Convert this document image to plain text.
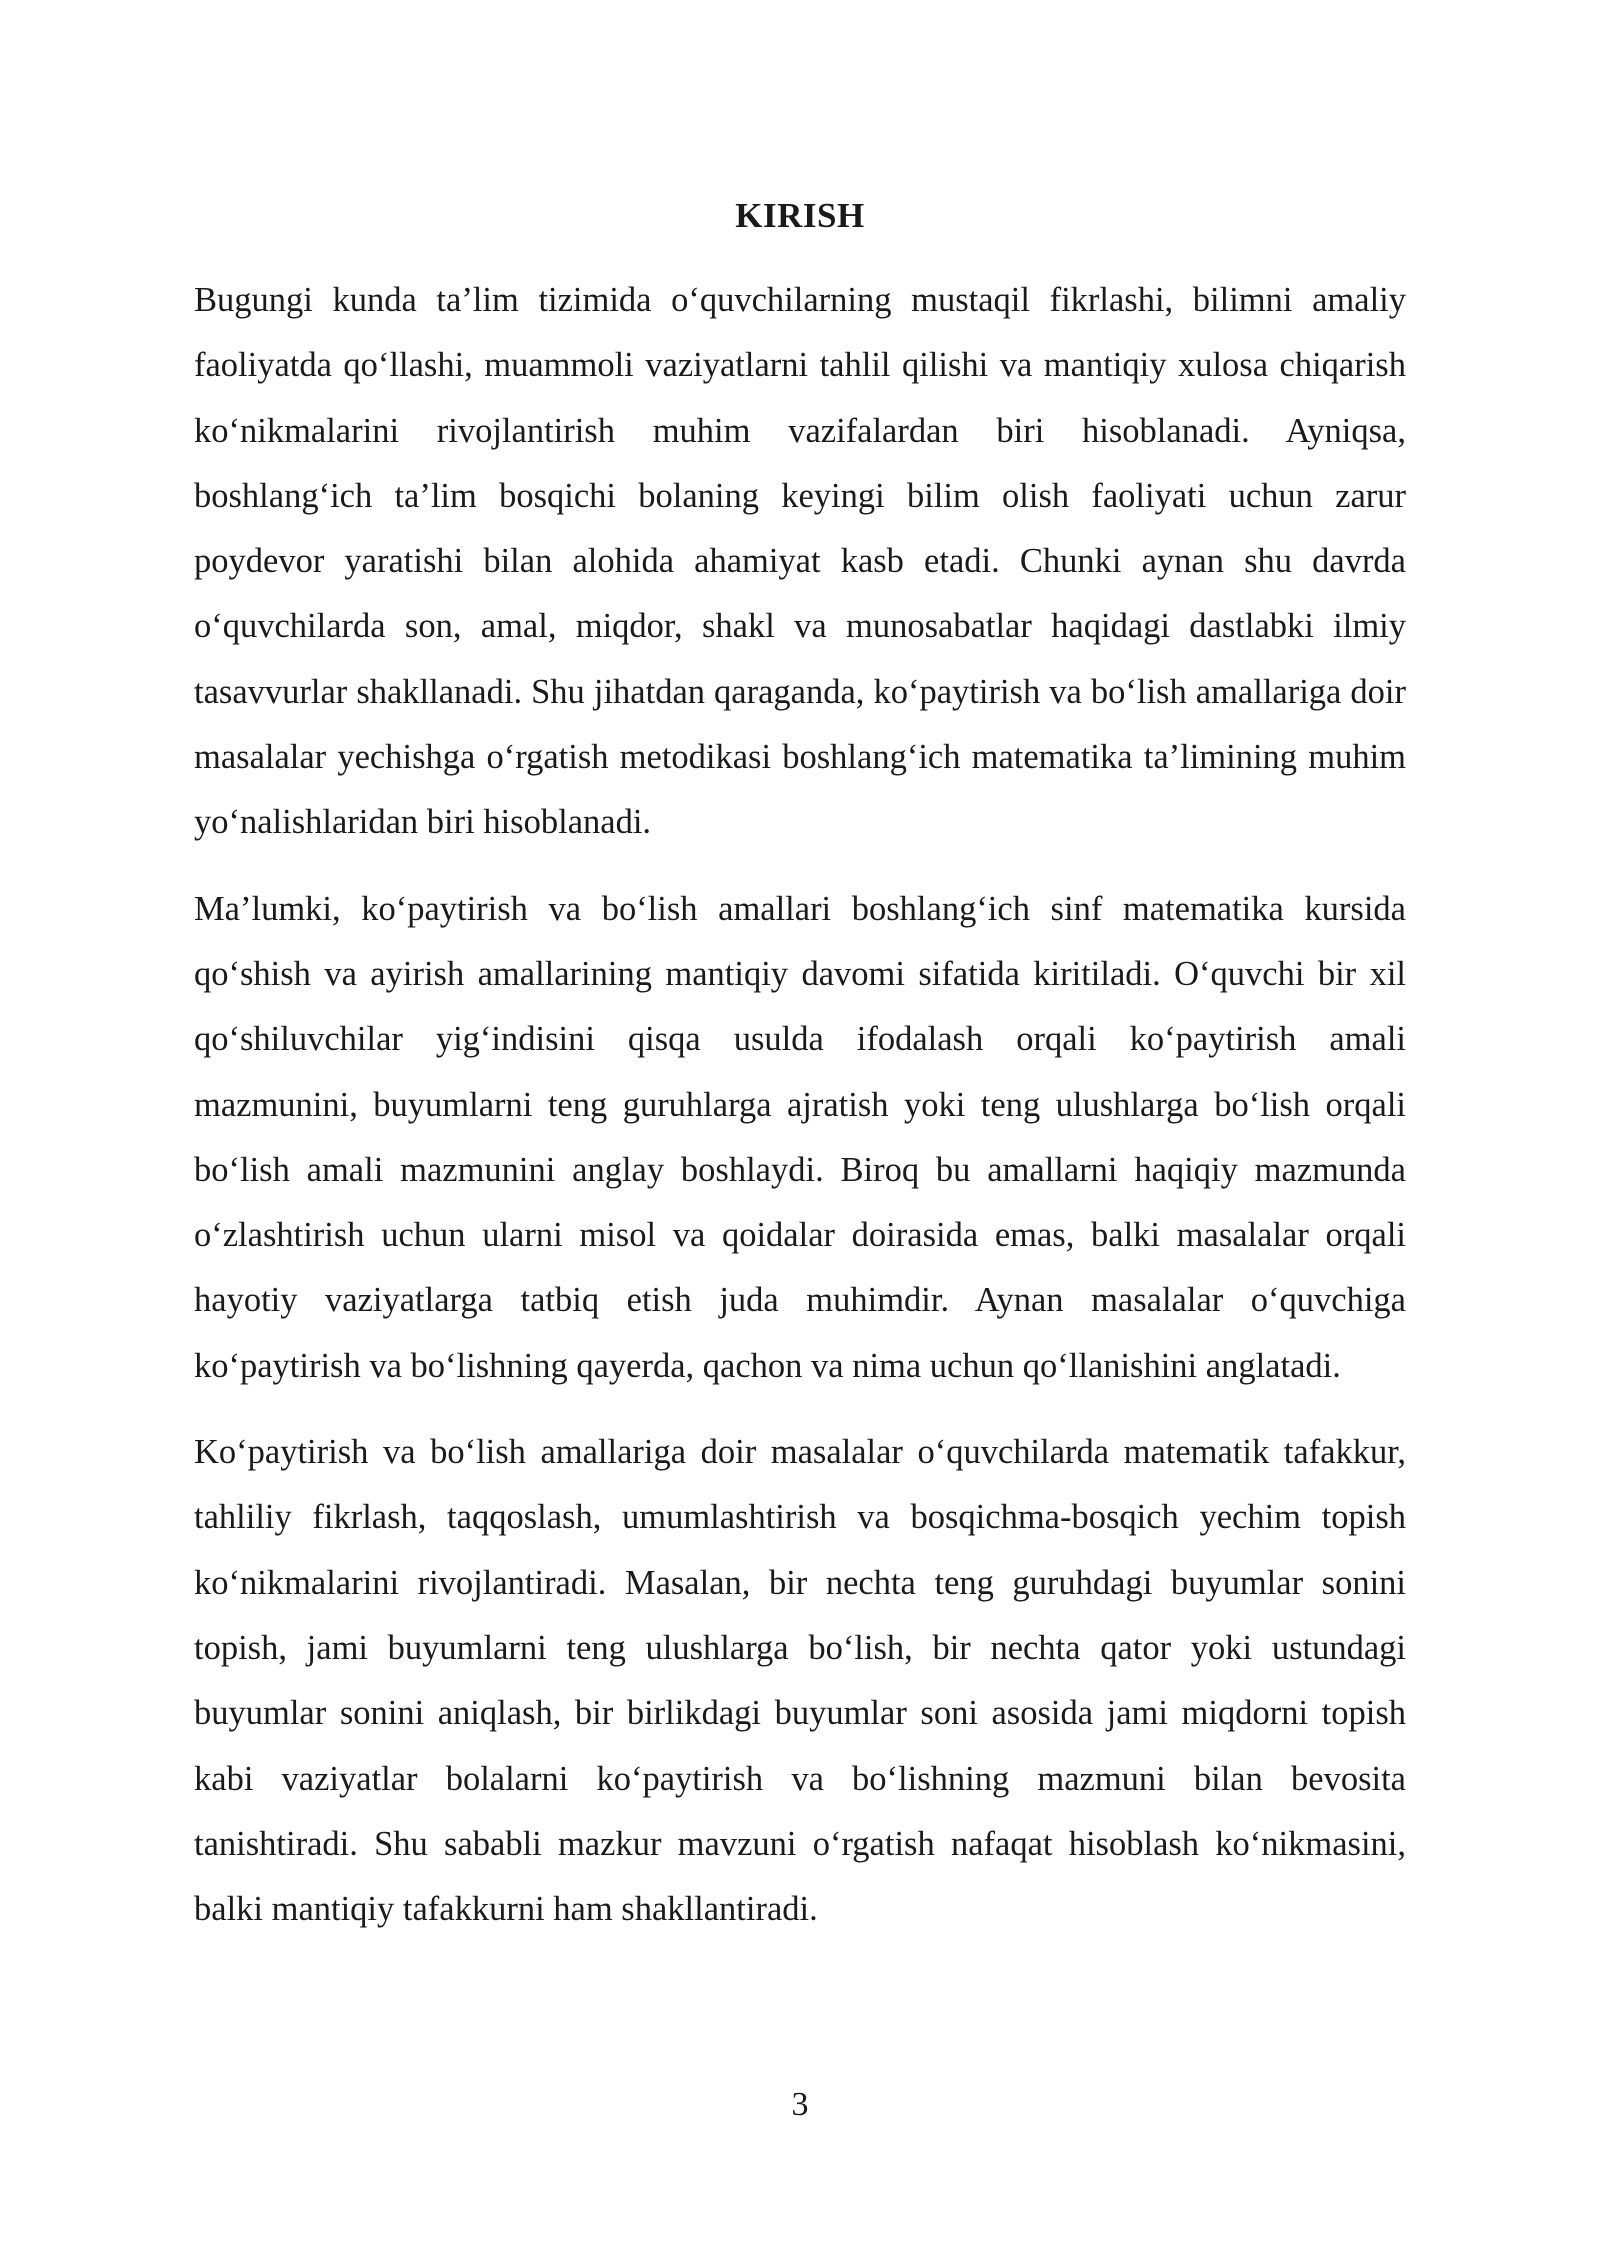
KIRISH

Bugungi kunda ta’lim tizimida o‘quvchilarning mustaqil fikrlashi, bilimni amaliy faoliyatda qo‘llashi, muammoli vaziyatlarni tahlil qilishi va mantiqiy xulosa chiqarish ko‘nikmalarini rivojlantirish muhim vazifalardan biri hisoblanadi. Ayniqsa, boshlang‘ich ta’lim bosqichi bolaning keyingi bilim olish faoliyati uchun zarur poydevor yaratishi bilan alohida ahamiyat kasb etadi. Chunki aynan shu davrda o‘quvchilarda son, amal, miqdor, shakl va munosabatlar haqidagi dastlabki ilmiy tasavvurlar shakllanadi. Shu jihatdan qaraganda, ko‘paytirish va bo‘lish amallariga doir masalalar yechishga o‘rgatish metodikasi boshlang‘ich matematika ta’limining muhim yo‘nalishlaridan biri hisoblanadi.

Ma’lumki, ko‘paytirish va bo‘lish amallari boshlang‘ich sinf matematika kursida qo‘shish va ayirish amallarining mantiqiy davomi sifatida kiritiladi. O‘quvchi bir xil qo‘shiluvchilar yig‘indisini qisqa usulda ifodalash orqali ko‘paytirish amali mazmunini, buyumlarni teng guruhlarga ajratish yoki teng ulushlarga bo‘lish orqali bo‘lish amali mazmunini anglay boshlaydi. Biroq bu amallarni haqiqiy mazmunda o‘zlashtirish uchun ularni misol va qoidalar doirasida emas, balki masalalar orqali hayotiy vaziyatlarga tatbiq etish juda muhimdir. Aynan masalalar o‘quvchiga ko‘paytirish va bo‘lishning qayerda, qachon va nima uchun qo‘llanishini anglatadi.

Ko‘paytirish va bo‘lish amallariga doir masalalar o‘quvchilarda matematik tafakkur, tahliliy fikrlash, taqqoslash, umumlashtirish va bosqichma-bosqich yechim topish ko‘nikmalarini rivojlantiradi. Masalan, bir nechta teng guruhdagi buyumlar sonini topish, jami buyumlarni teng ulushlarga bo‘lish, bir nechta qator yoki ustundagi buyumlar sonini aniqlash, bir birlikdagi buyumlar soni asosida jami miqdorni topish kabi vaziyatlar bolalarni ko‘paytirish va bo‘lishning mazmuni bilan bevosita tanishtiradi. Shu sababli mazkur mavzuni o‘rgatish nafaqat hisoblash ko‘nikmasini, balki mantiqiy tafakkurni ham shakllantiradi.

3
